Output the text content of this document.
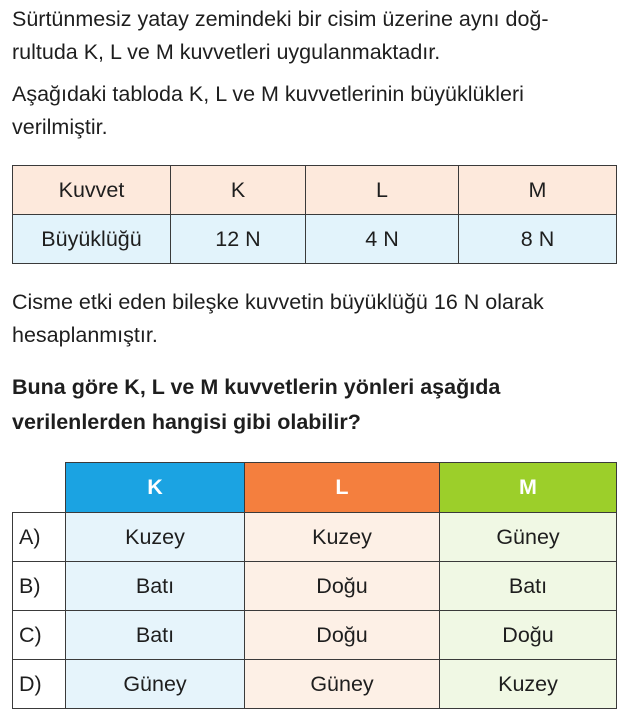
Sürtünmesiz yatay zemindeki bir cisim üzerine aynı doğ-
rultuda K, L ve M kuvvetleri uygulanmaktadır.

Aşağıdaki tabloda K, L ve M kuvvetlerinin büyüklükleri
verilmiştir.

Kuvvet	K	L	M
Büyüklüğü	12 N	4 N	8 N

Cisme etki eden bileşke kuvvetin büyüklüğü 16 N olarak
hesaplanmıştır.

Buna göre K, L ve M kuvvetlerin yönleri aşağıda
verilenlerden hangisi gibi olabilir?

	K	L	M
A)	Kuzey	Kuzey	Güney
B)	Batı	Doğu	Batı
C)	Batı	Doğu	Doğu
D)	Güney	Güney	Kuzey
